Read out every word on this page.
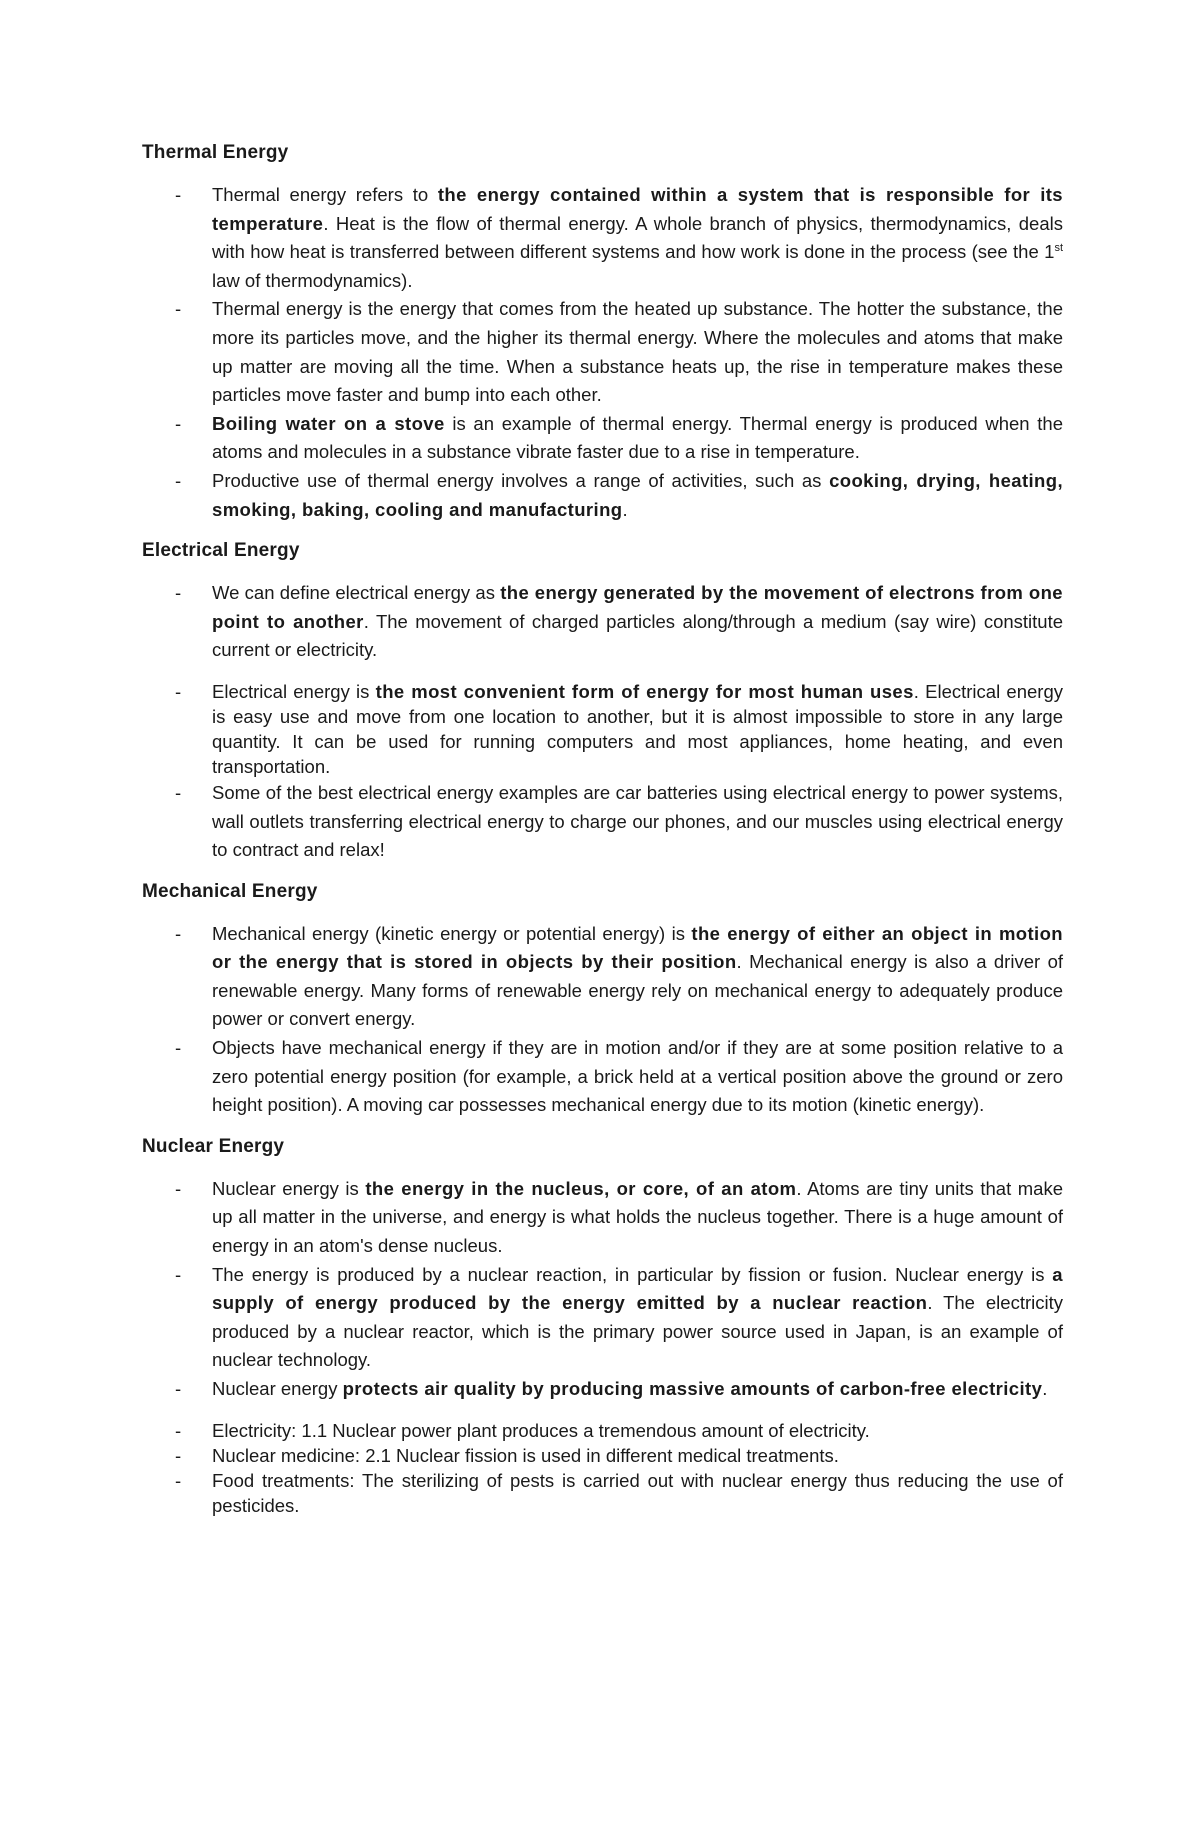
Thermal Energy
- Thermal energy refers to the energy contained within a system that is responsible for its temperature. Heat is the flow of thermal energy. A whole branch of physics, thermodynamics, deals with how heat is transferred between different systems and how work is done in the process (see the 1st law of thermodynamics).
- Thermal energy is the energy that comes from the heated up substance. The hotter the substance, the more its particles move, and the higher its thermal energy. Where the molecules and atoms that make up matter are moving all the time. When a substance heats up, the rise in temperature makes these particles move faster and bump into each other.
- Boiling water on a stove is an example of thermal energy. Thermal energy is produced when the atoms and molecules in a substance vibrate faster due to a rise in temperature.
- Productive use of thermal energy involves a range of activities, such as cooking, drying, heating, smoking, baking, cooling and manufacturing.
Electrical Energy
- We can define electrical energy as the energy generated by the movement of electrons from one point to another. The movement of charged particles along/through a medium (say wire) constitute current or electricity.
- Electrical energy is the most convenient form of energy for most human uses. Electrical energy is easy use and move from one location to another, but it is almost impossible to store in any large quantity. It can be used for running computers and most appliances, home heating, and even transportation.
- Some of the best electrical energy examples are car batteries using electrical energy to power systems, wall outlets transferring electrical energy to charge our phones, and our muscles using electrical energy to contract and relax!
Mechanical Energy
- Mechanical energy (kinetic energy or potential energy) is the energy of either an object in motion or the energy that is stored in objects by their position. Mechanical energy is also a driver of renewable energy. Many forms of renewable energy rely on mechanical energy to adequately produce power or convert energy.
- Objects have mechanical energy if they are in motion and/or if they are at some position relative to a zero potential energy position (for example, a brick held at a vertical position above the ground or zero height position). A moving car possesses mechanical energy due to its motion (kinetic energy).
Nuclear Energy
- Nuclear energy is the energy in the nucleus, or core, of an atom. Atoms are tiny units that make up all matter in the universe, and energy is what holds the nucleus together. There is a huge amount of energy in an atom's dense nucleus.
- The energy is produced by a nuclear reaction, in particular by fission or fusion. Nuclear energy is a supply of energy produced by the energy emitted by a nuclear reaction. The electricity produced by a nuclear reactor, which is the primary power source used in Japan, is an example of nuclear technology.
- Nuclear energy protects air quality by producing massive amounts of carbon-free electricity.
- Electricity: 1.1 Nuclear power plant produces a tremendous amount of electricity.
- Nuclear medicine: 2.1 Nuclear fission is used in different medical treatments.
- Food treatments: The sterilizing of pests is carried out with nuclear energy thus reducing the use of pesticides.
